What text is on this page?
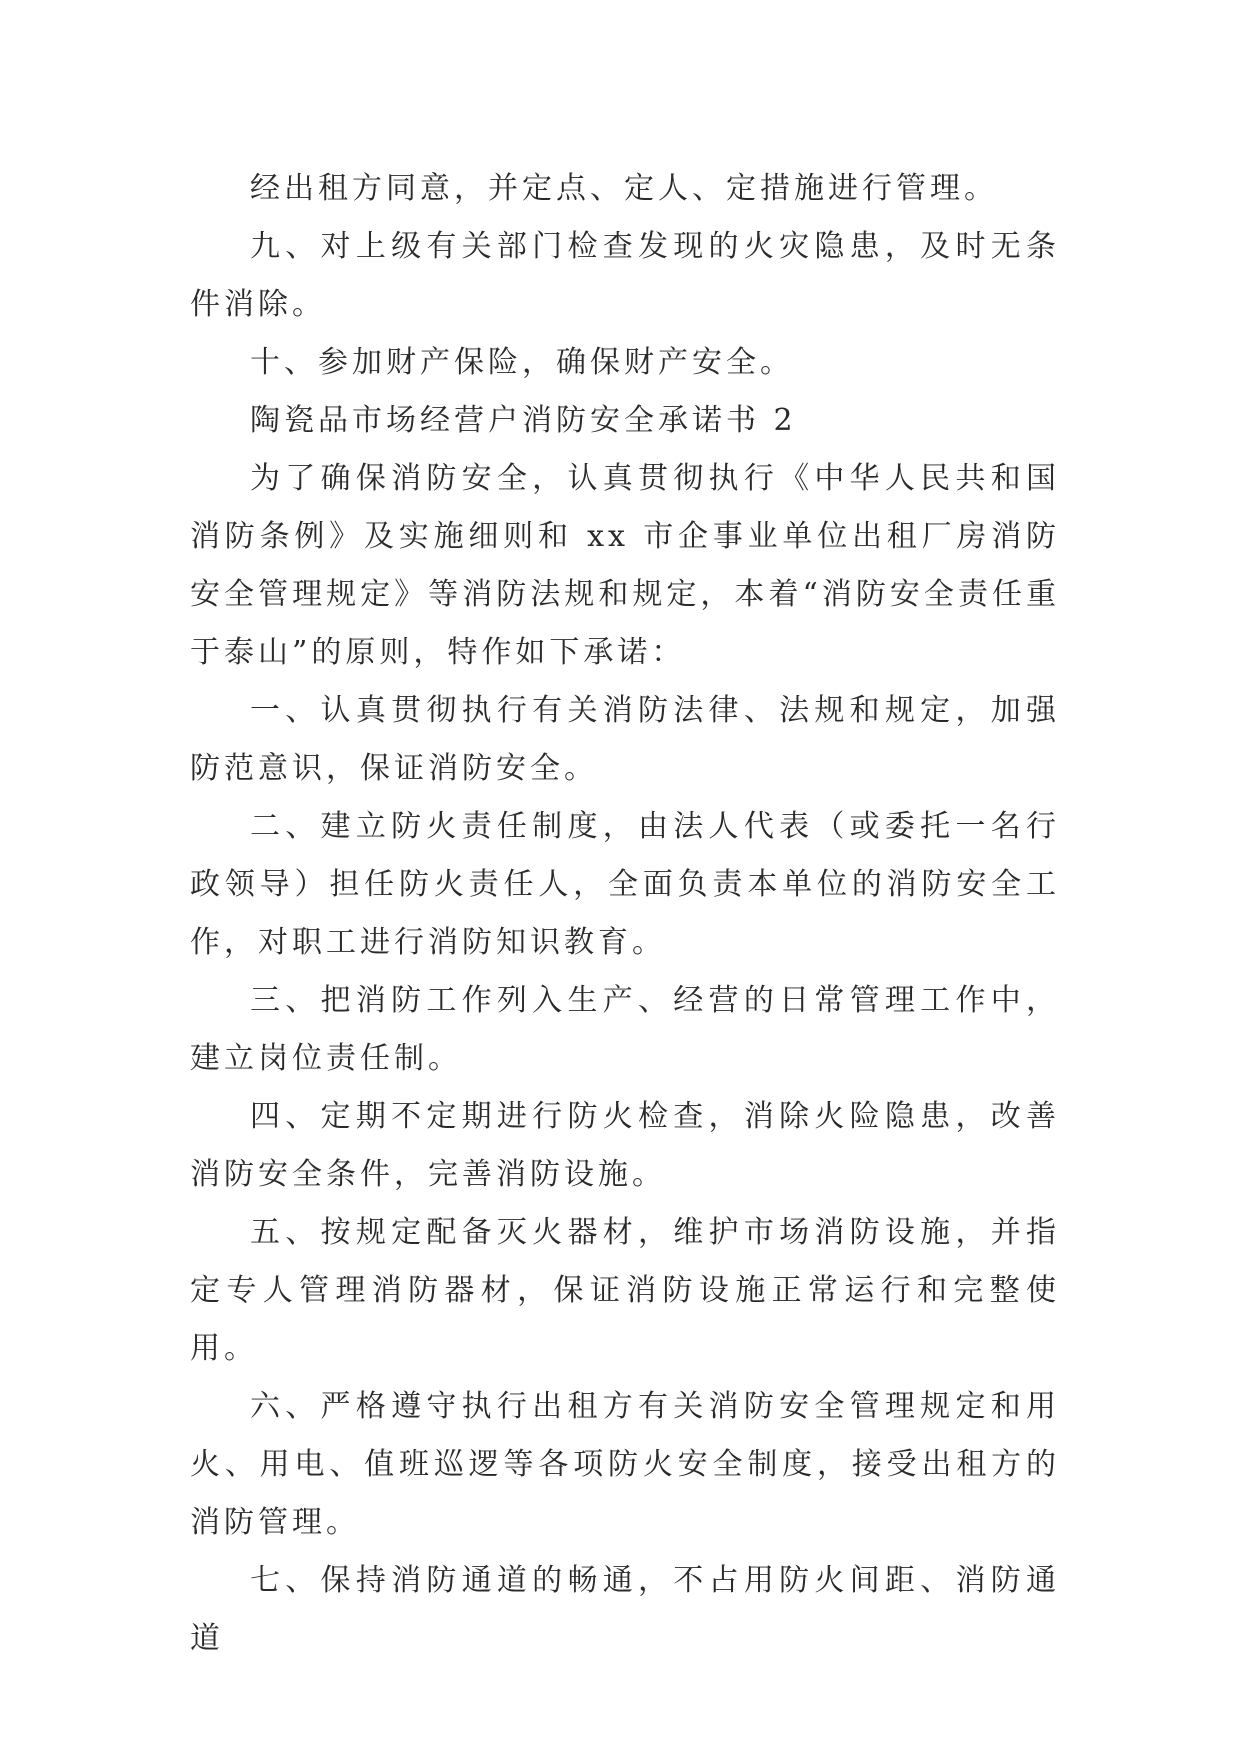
经出租方同意，并定点、定人、定措施进行管理。

九、对上级有关部门检查发现的火灾隐患，及时无条件消除。

十、参加财产保险，确保财产安全。

陶瓷品市场经营户消防安全承诺书 2

为了确保消防安全，认真贯彻执行《中华人民共和国消防条例》及实施细则和 xx 市企事业单位出租厂房消防安全管理规定》等消防法规和规定，本着“消防安全责任重于泰山”的原则，特作如下承诺：

一、认真贯彻执行有关消防法律、法规和规定，加强防范意识，保证消防安全。

二、建立防火责任制度，由法人代表（或委托一名行政领导）担任防火责任人，全面负责本单位的消防安全工作，对职工进行消防知识教育。

三、把消防工作列入生产、经营的日常管理工作中，建立岗位责任制。

四、定期不定期进行防火检查，消除火险隐患，改善消防安全条件，完善消防设施。

五、按规定配备灭火器材，维护市场消防设施，并指定专人管理消防器材，保证消防设施正常运行和完整使用。

六、严格遵守执行出租方有关消防安全管理规定和用火、用电、值班巡逻等各项防火安全制度，接受出租方的消防管理。

七、保持消防通道的畅通，不占用防火间距、消防通道
